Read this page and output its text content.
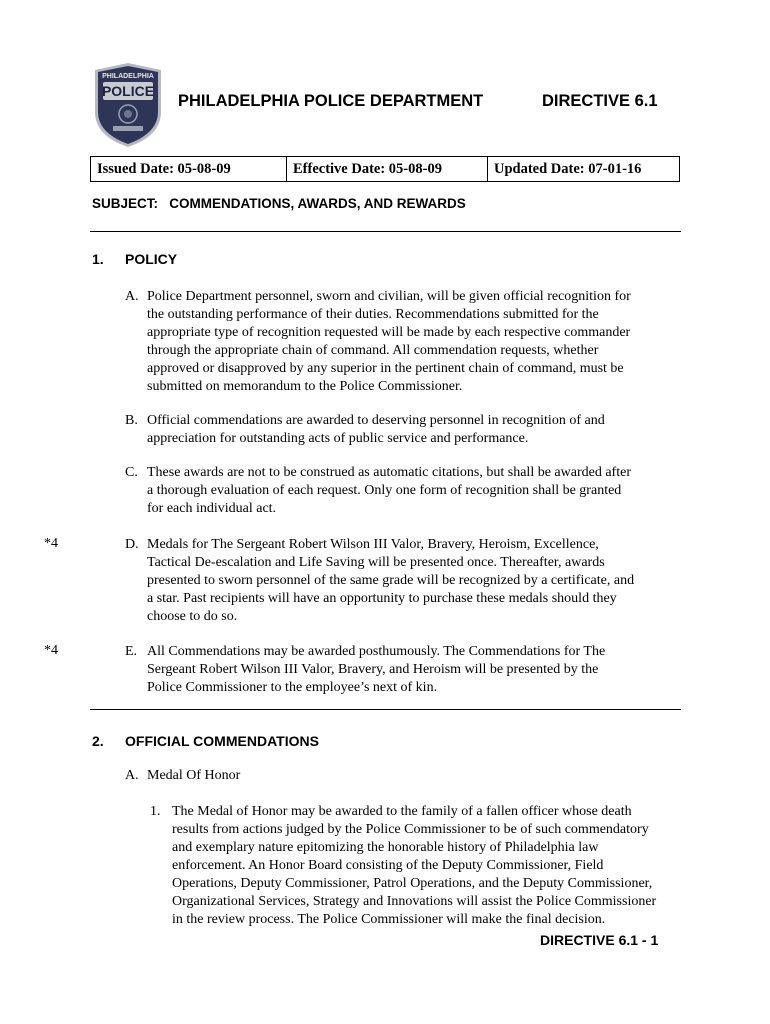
PHILADELPHIA
POLICE
PHILADELPHIA POLICE DEPARTMENT	DIRECTIVE 6.1
Issued Date: 05-08-09	Effective Date: 05-08-09	Updated Date: 07-01-16
SUBJECT:   COMMENDATIONS, AWARDS, AND REWARDS
1. POLICY
A. Police Department personnel, sworn and civilian, will be given official recognition for
the outstanding performance of their duties. Recommendations submitted for the
appropriate type of recognition requested will be made by each respective commander
through the appropriate chain of command. All commendation requests, whether
approved or disapproved by any superior in the pertinent chain of command, must be
submitted on memorandum to the Police Commissioner.
B. Official commendations are awarded to deserving personnel in recognition of and
appreciation for outstanding acts of public service and performance.
C. These awards are not to be construed as automatic citations, but shall be awarded after
a thorough evaluation of each request. Only one form of recognition shall be granted
for each individual act.
*4	D. Medals for The Sergeant Robert Wilson III Valor, Bravery, Heroism, Excellence,
Tactical De-escalation and Life Saving will be presented once. Thereafter, awards
presented to sworn personnel of the same grade will be recognized by a certificate, and
a star. Past recipients will have an opportunity to purchase these medals should they
choose to do so.
*4	E. All Commendations may be awarded posthumously. The Commendations for The
Sergeant Robert Wilson III Valor, Bravery, and Heroism will be presented by the
Police Commissioner to the employee’s next of kin.
2. OFFICIAL COMMENDATIONS
A. Medal Of Honor
1. The Medal of Honor may be awarded to the family of a fallen officer whose death
results from actions judged by the Police Commissioner to be of such commendatory
and exemplary nature epitomizing the honorable history of Philadelphia law
enforcement. An Honor Board consisting of the Deputy Commissioner, Field
Operations, Deputy Commissioner, Patrol Operations, and the Deputy Commissioner,
Organizational Services, Strategy and Innovations will assist the Police Commissioner
in the review process. The Police Commissioner will make the final decision.
DIRECTIVE 6.1 - 1
